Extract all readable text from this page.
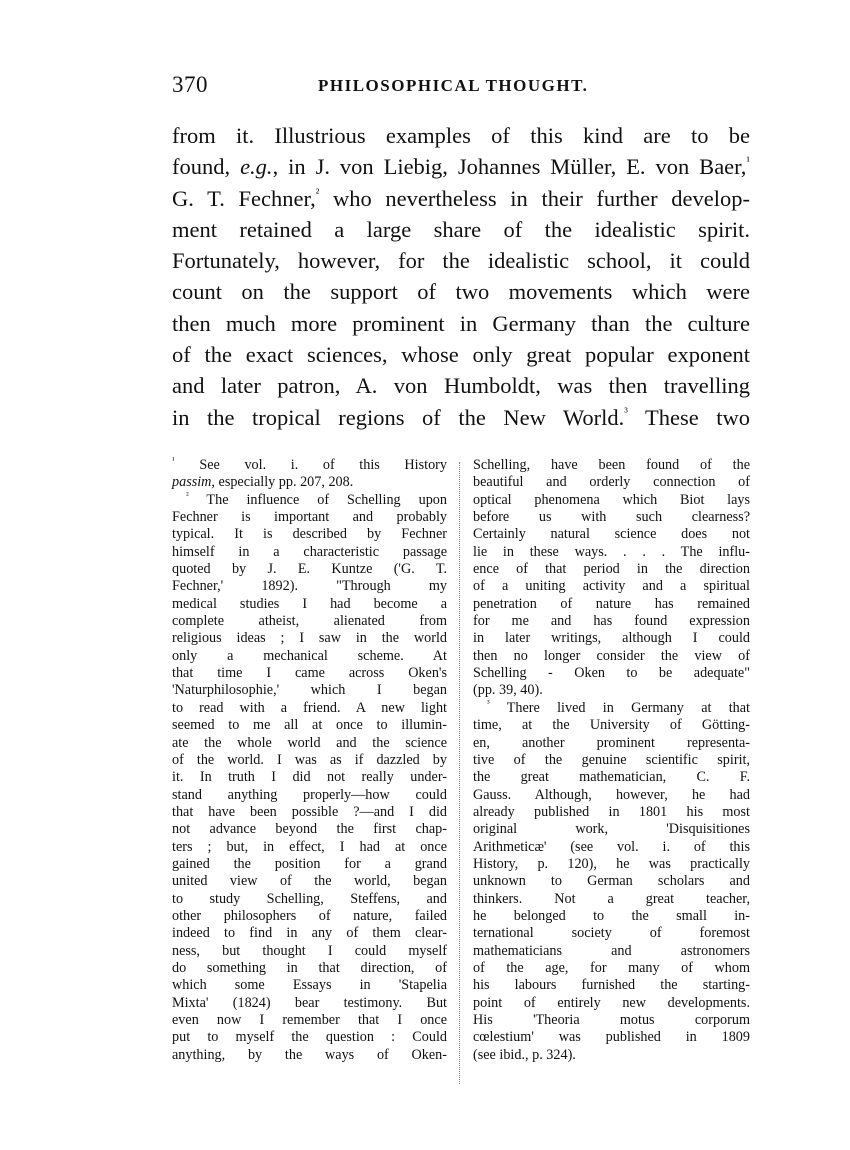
370	PHILOSOPHICAL THOUGHT.
from it. Illustrious examples of this kind are to be
found, e.g., in J. von Liebig, Johannes Müller, E. von Baer,$^{^1}$
G. T. Fechner,$^{^2}$ who nevertheless in their further develop-
ment retained a large share of the idealistic spirit.
Fortunately, however, for the idealistic school, it could
count on the support of two movements which were
then much more prominent in Germany than the culture
of the exact sciences, whose only great popular exponent
and later patron, A. von Humboldt, was then travelling
in the tropical regions of the New World.$^{^3}$ These two
$^{^1}$ See vol. i. of this History
passim, especially pp. 207, 208.
$^{^2}$ The influence of Schelling upon
Fechner is important and probably
typical. It is described by Fechner
himself in a characteristic passage
quoted by J. E. Kuntze ('G. T.
Fechner,' 1892). "Through my
medical studies I had become a
complete atheist, alienated from
religious ideas ; I saw in the world
only a mechanical scheme. At
that time I came across Oken's
'Naturphilosophie,' which I began
to read with a friend. A new light
seemed to me all at once to illumin-
ate the whole world and the science
of the world. I was as if dazzled by
it. In truth I did not really under-
stand anything properly—how could
that have been possible ?—and I did
not advance beyond the first chap-
ters ; but, in effect, I had at once
gained the position for a grand
united view of the world, began
to study Schelling, Steffens, and
other philosophers of nature, failed
indeed to find in any of them clear-
ness, but thought I could myself
do something in that direction, of
which some Essays in 'Stapelia
Mixta' (1824) bear testimony. But
even now I remember that I once
put to myself the question : Could
anything, by the ways of Oken-
Schelling, have been found of the
beautiful and orderly connection of
optical phenomena which Biot lays
before us with such clearness?
Certainly natural science does not
lie in these ways. . . . The influ-
ence of that period in the direction
of a uniting activity and a spiritual
penetration of nature has remained
for me and has found expression
in later writings, although I could
then no longer consider the view of
Schelling - Oken to be adequate"
(pp. 39, 40).
$^{^3}$ There lived in Germany at that
time, at the University of Götting-
en, another prominent representa-
tive of the genuine scientific spirit,
the great mathematician, C. F.
Gauss. Although, however, he had
already published in 1801 his most
original work, 'Disquisitiones
Arithmeticæ' (see vol. i. of this
History, p. 120), he was practically
unknown to German scholars and
thinkers. Not a great teacher,
he belonged to the small in-
ternational society of foremost
mathematicians and astronomers
of the age, for many of whom
his labours furnished the starting-
point of entirely new developments.
His 'Theoria motus corporum
cœlestium' was published in 1809
(see ibid., p. 324).
